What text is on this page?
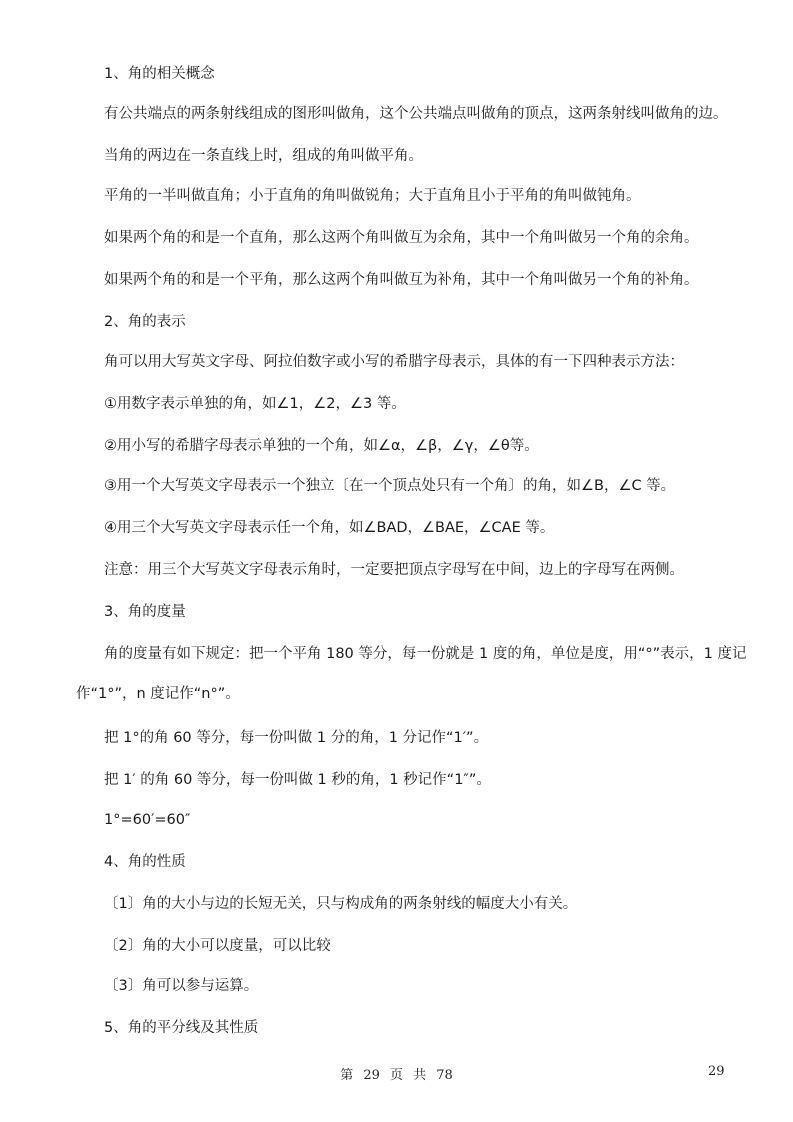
1、角的相关概念
有公共端点的两条射线组成的图形叫做角，这个公共端点叫做角的顶点，这两条射线叫做角的边。
当角的两边在一条直线上时，组成的角叫做平角。
平角的一半叫做直角；小于直角的角叫做锐角；大于直角且小于平角的角叫做钝角。
如果两个角的和是一个直角，那么这两个角叫做互为余角，其中一个角叫做另一个角的余角。
如果两个角的和是一个平角，那么这两个角叫做互为补角，其中一个角叫做另一个角的补角。
2、角的表示
角可以用大写英文字母、阿拉伯数字或小写的希腊字母表示，具体的有一下四种表示方法：
①用数字表示单独的角，如∠1，∠2，∠3 等。
②用小写的希腊字母表示单独的一个角，如∠α，∠β，∠γ，∠θ等。
③用一个大写英文字母表示一个独立〔在一个顶点处只有一个角〕的角，如∠B，∠C 等。
④用三个大写英文字母表示任一个角，如∠BAD，∠BAE，∠CAE 等。
注意：用三个大写英文字母表示角时，一定要把顶点字母写在中间，边上的字母写在两侧。
3、角的度量
角的度量有如下规定：把一个平角 180 等分，每一份就是 1 度的角，单位是度，用“°”表示，1 度记
作“1°”，n 度记作“n°”。
把 1°的角 60 等分，每一份叫做 1 分的角，1 分记作“1′”。
把 1′ 的角 60 等分，每一份叫做 1 秒的角，1 秒记作“1″”。
1°=60′=60″
4、角的性质
〔1〕角的大小与边的长短无关，只与构成角的两条射线的幅度大小有关。
〔2〕角的大小可以度量，可以比较
〔3〕角可以参与运算。
5、角的平分线及其性质
第 29 页 共 78	29
